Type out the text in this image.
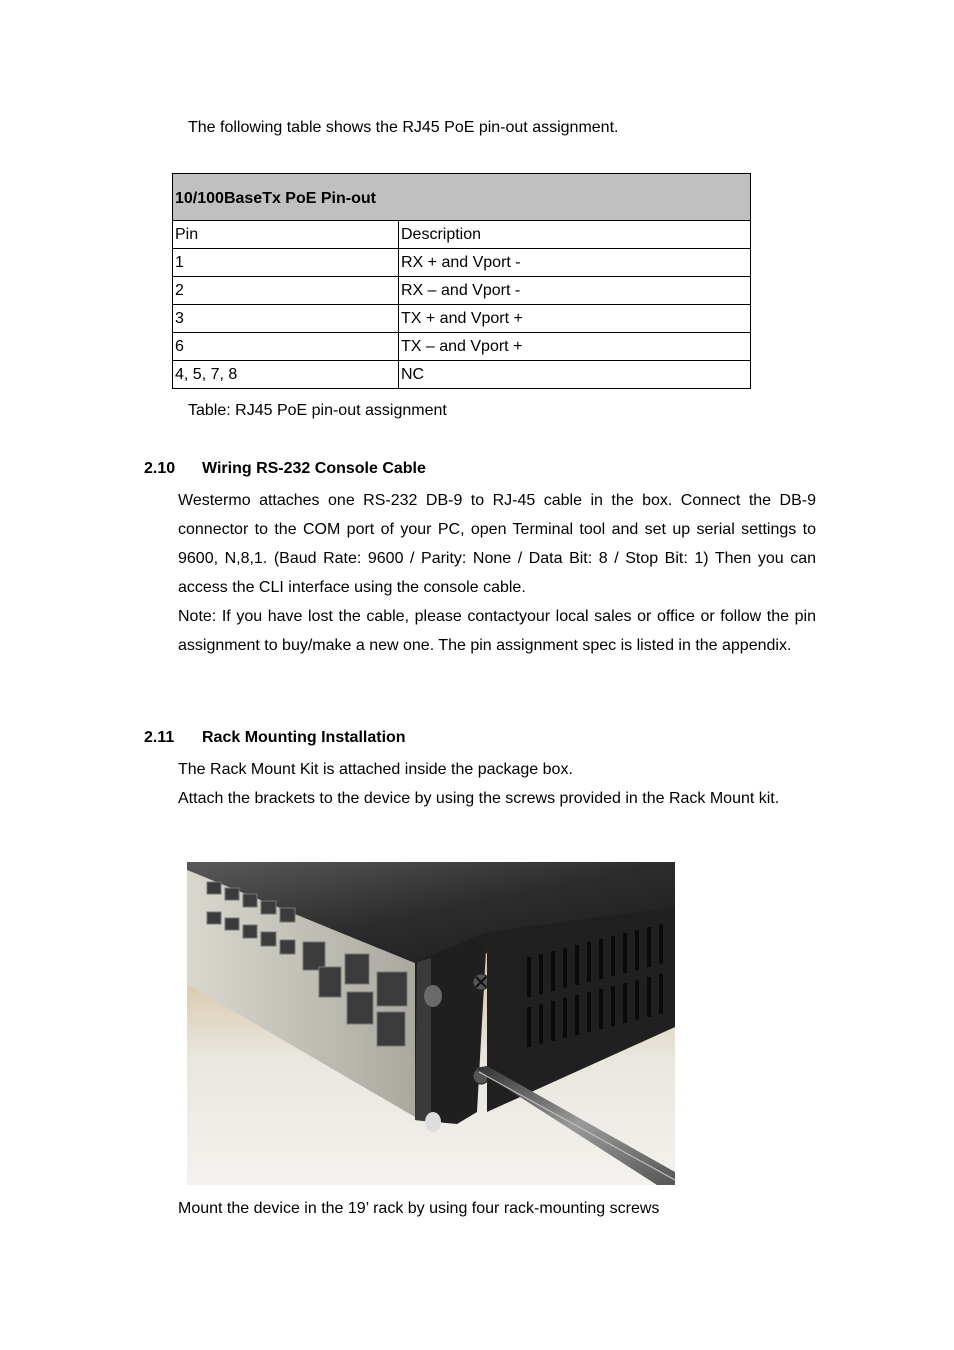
The following table shows the RJ45 PoE pin-out assignment.
10/100BaseTx PoE Pin-out	
Pin	Description
1	RX + and Vport -
2	RX – and Vport -
3	TX + and Vport +
6	TX – and Vport +
4, 5, 7, 8	NC
Table: RJ45 PoE pin-out assignment
2.10 Wiring RS-232 Console Cable

Westermo attaches one RS-232 DB-9 to RJ-45 cable in the box. Connect the DB-9 connector to the COM port of your PC, open Terminal tool and set up serial settings to 9600, N,8,1. (Baud Rate: 9600 / Parity: None / Data Bit: 8 / Stop Bit: 1) Then you can access the CLI interface using the console cable.

Note: If you have lost the cable, please contactyour local sales or office or follow the pin assignment to buy/make a new one. The pin assignment spec is listed in the appendix.

2.11 Rack Mounting Installation

The Rack Mount Kit is attached inside the package box.

Attach the brackets to the device by using the screws provided in the Rack Mount kit.

Mount the device in the 19’ rack by using four rack-mounting screws
